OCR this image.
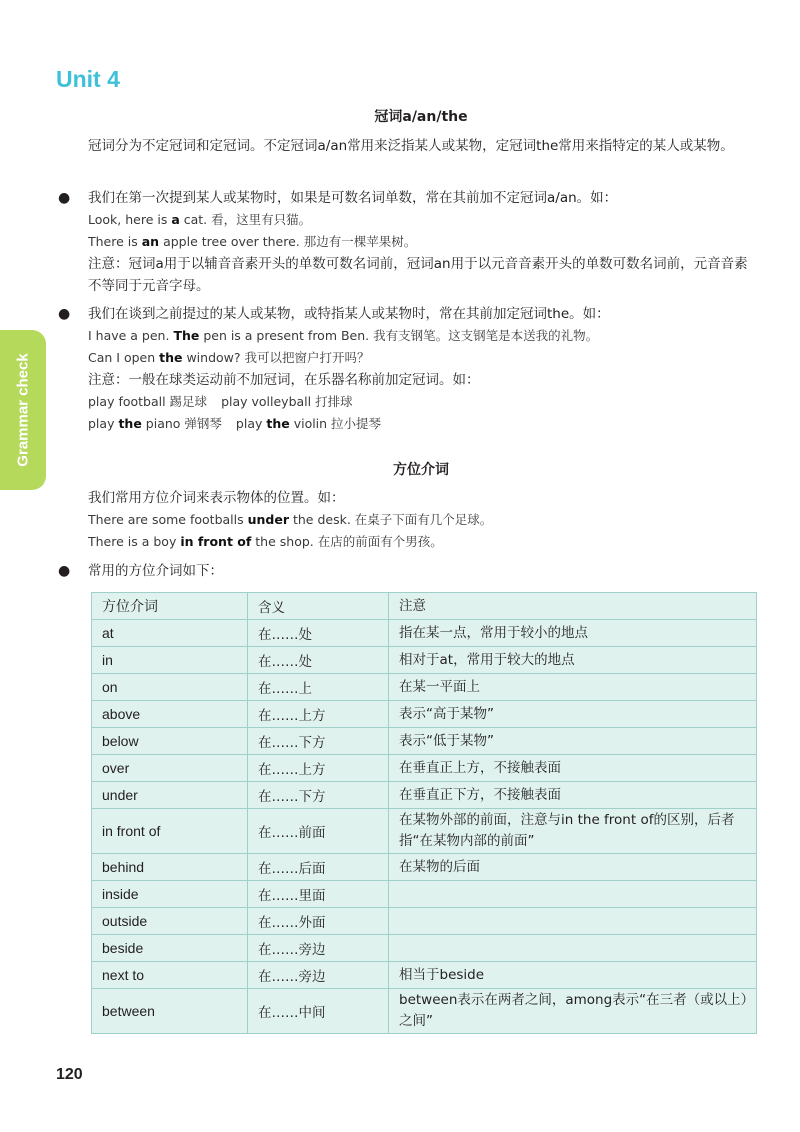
Unit 4
Grammar check
冠词a/an/the

冠词分为不定冠词和定冠词。不定冠词a/an常用来泛指某人或某物，定冠词the常用来指特定的某人或某物。

● 我们在第一次提到某人或某物时，如果是可数名词单数，常在其前加不定冠词a/an。如：

Look, here is a cat. 看，这里有只猫。

There is an apple tree over there. 那边有一棵苹果树。

注意：冠词a用于以辅音音素开头的单数可数名词前，冠词an用于以元音音素开头的单数可数名词前，元音音素不等同于元音字母。

● 我们在谈到之前提过的某人或某物，或特指某人或某物时，常在其前加定冠词the。如：

I have a pen. The pen is a present from Ben. 我有支钢笔。这支钢笔是本送我的礼物。

Can I open the window? 我可以把窗户打开吗？

注意：一般在球类运动前不加冠词，在乐器名称前加定冠词。如：

play football 踢足球 play volleyball 打排球

play the piano 弹钢琴 play the violin 拉小提琴

方位介词

我们常用方位介词来表示物体的位置。如：

There are some footballs under the desk. 在桌子下面有几个足球。

There is a boy in front of the shop. 在店的前面有个男孩。

● 常用的方位介词如下：

方位介词	含义	注意
at	在……处	指在某一点，常用于较小的地点
in	在……处	相对于at，常用于较大的地点
on	在……上	在某一平面上
above	在……上方	表示“高于某物”
below	在……下方	表示“低于某物”
over	在……上方	在垂直正上方，不接触表面
under	在……下方	在垂直正下方，不接触表面
in front of	在……前面	在某物外部的前面，注意与in the front of的区别，后者指“在某物内部的前面”
behind	在……后面	在某物的后面
inside	在……里面	
outside	在……外面	
beside	在……旁边	
next to	在……旁边	相当于beside
between	在……中间	between表示在两者之间，among表示“在三者（或以上）之间”
120
